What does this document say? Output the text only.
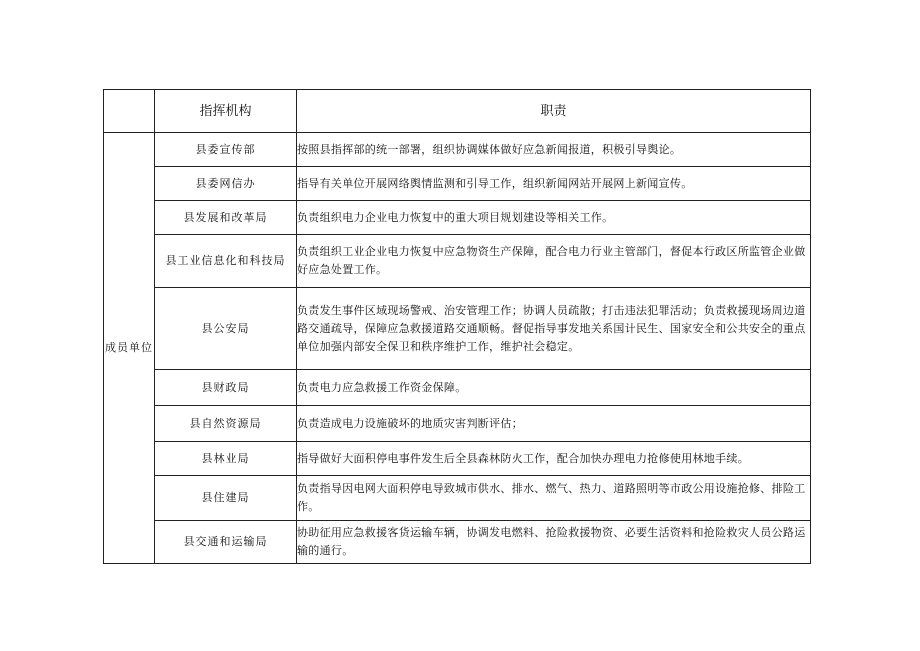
	指挥机构	职责
成员单位	县委宣传部	按照县指挥部的统一部署，组织协调媒体做好应急新闻报道，积极引导舆论。
	县委网信办	指导有关单位开展网络舆情监测和引导工作，组织新闻网站开展网上新闻宣传。
	县发展和改革局	负责组织电力企业电力恢复中的重大项目规划建设等相关工作。
	县工业信息化和科技局	负责组织工业企业电力恢复中应急物资生产保障，配合电力行业主管部门，督促本行政区所监管企业做好应急处置工作。
	县公安局	负责发生事件区域现场警戒、治安管理工作；协调人员疏散；打击违法犯罪活动；负责救援现场周边道路交通疏导，保障应急救援道路交通顺畅。督促指导事发地关系国计民生、国家安全和公共安全的重点单位加强内部安全保卫和秩序维护工作，维护社会稳定。
	县财政局	负责电力应急救援工作资金保障。
	县自然资源局	负责造成电力设施破坏的地质灾害判断评估；
	县林业局	指导做好大面积停电事件发生后全县森林防火工作，配合加快办理电力抢修使用林地手续。
	县住建局	负责指导因电网大面积停电导致城市供水、排水、燃气、热力、道路照明等市政公用设施抢修、排险工作。
	县交通和运输局	协助征用应急救援客货运输车辆，协调发电燃料、抢险救援物资、必要生活资料和抢险救灾人员公路运输的通行。
